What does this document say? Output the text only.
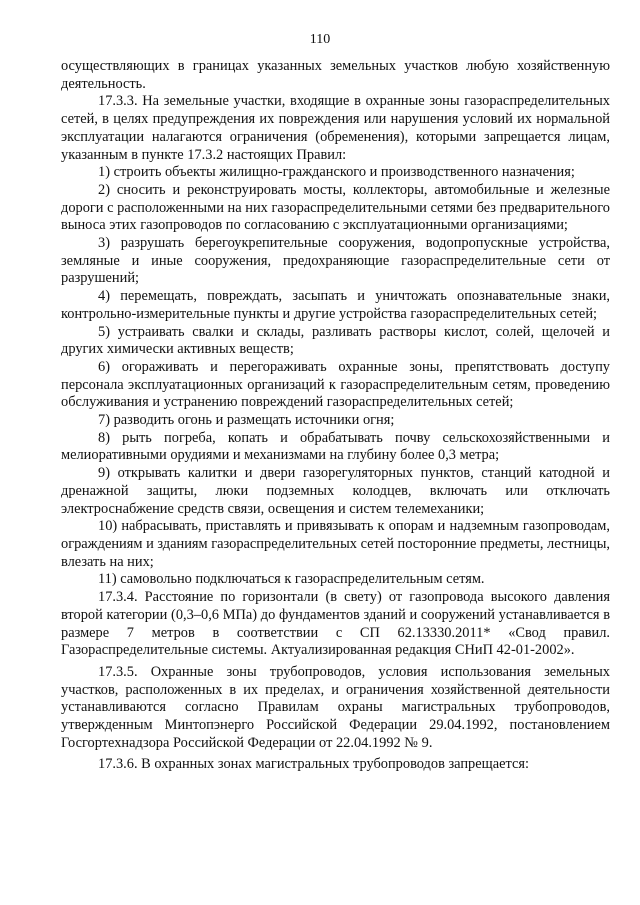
110

осуществляющих в границах указанных земельных участков любую хозяйственную деятельность.

17.3.3. На земельные участки, входящие в охранные зоны газораспределительных сетей, в целях предупреждения их повреждения или нарушения условий их нормальной эксплуатации налагаются ограничения (обременения), которыми запрещается лицам, указанным в пункте 17.3.2 настоящих Правил:

1) строить объекты жилищно-гражданского и производственного назначения;

2) сносить и реконструировать мосты, коллекторы, автомобильные и железные дороги с расположенными на них газораспределительными сетями без предварительного выноса этих газопроводов по согласованию с эксплуатационными организациями;

3) разрушать берегоукрепительные сооружения, водопропускные устройства, земляные и иные сооружения, предохраняющие газораспределительные сети от разрушений;

4) перемещать, повреждать, засыпать и уничтожать опознавательные знаки, контрольно-измерительные пункты и другие устройства газораспределительных сетей;

5) устраивать свалки и склады, разливать растворы кислот, солей, щелочей и других химически активных веществ;

6) огораживать и перегораживать охранные зоны, препятствовать доступу персонала эксплуатационных организаций к газораспределительным сетям, проведению обслуживания и устранению повреждений газораспределительных сетей;

7) разводить огонь и размещать источники огня;

8) рыть погреба, копать и обрабатывать почву сельскохозяйственными и мелиоративными орудиями и механизмами на глубину более 0,3 метра;

9) открывать калитки и двери газорегуляторных пунктов, станций катодной и дренажной защиты, люки подземных колодцев, включать или отключать электроснабжение средств связи, освещения и систем телемеханики;

10) набрасывать, приставлять и привязывать к опорам и надземным газопроводам, ограждениям и зданиям газораспределительных сетей посторонние предметы, лестницы, влезать на них;

11) самовольно подключаться к газораспределительным сетям.

17.3.4. Расстояние по горизонтали (в свету) от газопровода высокого давления второй категории (0,3–0,6 МПа) до фундаментов зданий и сооружений устанавливается в размере 7 метров в соответствии с СП 62.13330.2011* «Свод правил. Газораспределительные системы. Актуализированная редакция СНиП 42-01-2002».

17.3.5. Охранные зоны трубопроводов, условия использования земельных участков, расположенных в их пределах, и ограничения хозяйственной деятельности устанавливаются согласно Правилам охраны магистральных трубопроводов, утвержденным Минтопэнерго Российской Федерации 29.04.1992, постановлением Госгортехнадзора Российской Федерации от 22.04.1992 № 9.

17.3.6. В охранных зонах магистральных трубопроводов запрещается:
